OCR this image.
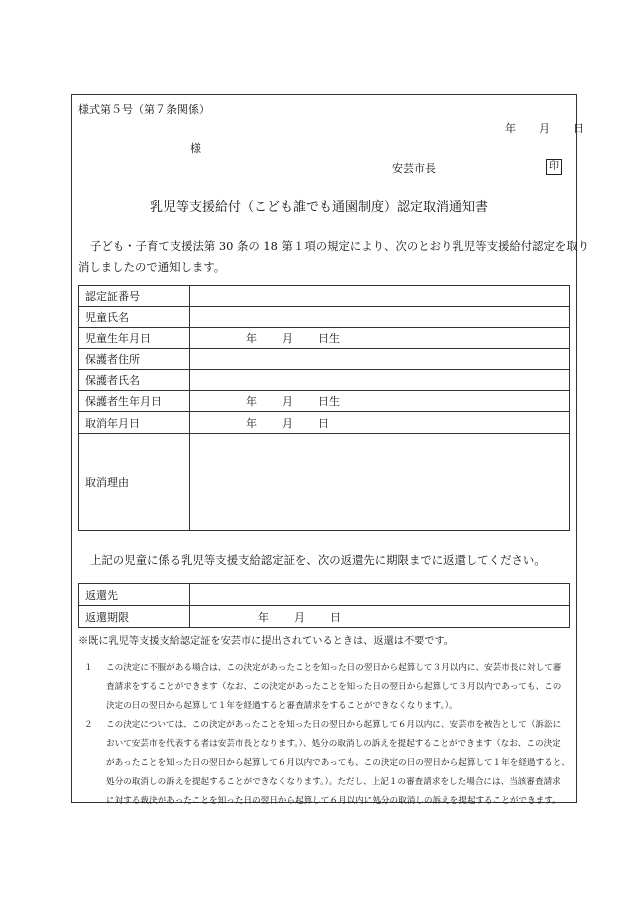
様式第５号（第７条関係）
年　月　日
様
安芸市長	印
乳児等支援給付（こども誰でも通園制度）認定取消通知書
子ども・子育て支援法第 30 条の 18 第１項の規定により、次のとおり乳児等支援給付認定を取り
消しましたので通知します。
認定証番号	
児童氏名	
児童生年月日	年 月 日生
保護者住所	
保護者氏名	
保護者生年月日	年 月 日生
取消年月日	年 月 日
取消理由	
上記の児童に係る乳児等支援支給認定証を、次の返還先に期限までに返還してください。
返還先	
返還期限	年 月 日
※既に乳児等支援支給認定証を安芸市に提出されているときは、返還は不要です。
１	この決定に不服がある場合は、この決定があったことを知った日の翌日から起算して３月以内に、安芸市長に対して審
査請求をすることができます（なお、この決定があったことを知った日の翌日から起算して３月以内であっても、この
決定の日の翌日から起算して１年を経過すると審査請求をすることができなくなります。）。
２	この決定については、この決定があったことを知った日の翌日から起算して６月以内に、安芸市を被告として（訴訟に
おいて安芸市を代表する者は安芸市長となります。）、処分の取消しの訴えを提起することができます（なお、この決定
があったことを知った日の翌日から起算して６月以内であっても、この決定の日の翌日から起算して１年を経過すると、
処分の取消しの訴えを提起することができなくなります。）。ただし、上記１の審査請求をした場合には、当該審査請求
に対する裁決があったことを知った日の翌日から起算して６月以内に処分の取消しの訴えを提起することができます。
